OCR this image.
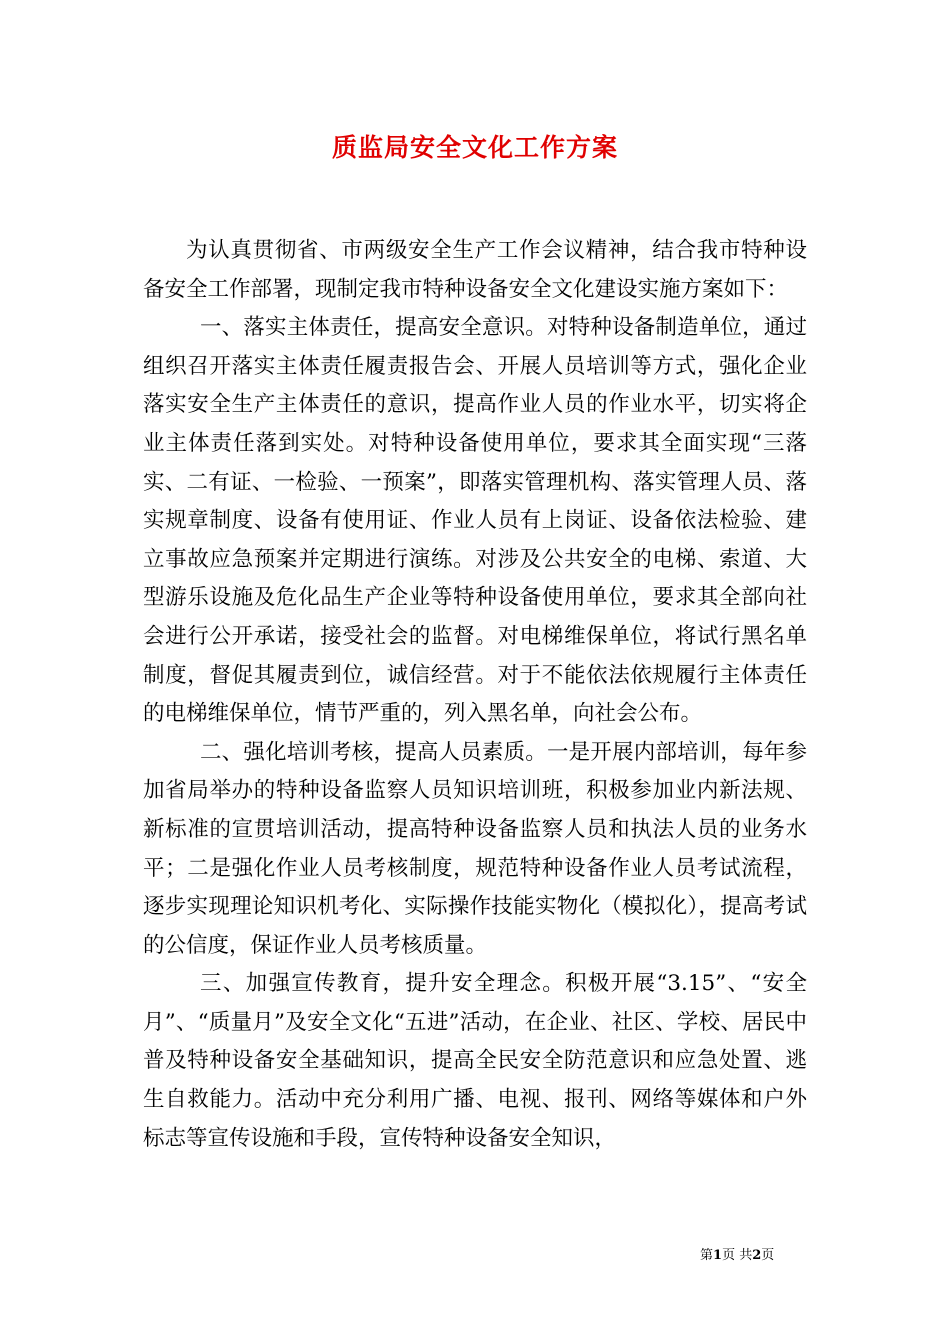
质监局安全文化工作方案

为认真贯彻省、市两级安全生产工作会议精神，结合我市特种设备安全工作部署，现制定我市特种设备安全文化建设实施方案如下：

一、落实主体责任，提高安全意识。对特种设备制造单位，通过组织召开落实主体责任履责报告会、开展人员培训等方式，强化企业落实安全生产主体责任的意识，提高作业人员的作业水平，切实将企业主体责任落到实处。对特种设备使用单位，要求其全面实现“三落实、二有证、一检验、一预案”，即落实管理机构、落实管理人员、落实规章制度、设备有使用证、作业人员有上岗证、设备依法检验、建立事故应急预案并定期进行演练。对涉及公共安全的电梯、索道、大型游乐设施及危化品生产企业等特种设备使用单位，要求其全部向社会进行公开承诺，接受社会的监督。对电梯维保单位，将试行黑名单制度，督促其履责到位，诚信经营。对于不能依法依规履行主体责任的电梯维保单位，情节严重的，列入黑名单，向社会公布。

二、强化培训考核，提高人员素质。一是开展内部培训，每年参加省局举办的特种设备监察人员知识培训班，积极参加业内新法规、新标准的宣贯培训活动，提高特种设备监察人员和执法人员的业务水平；二是强化作业人员考核制度，规范特种设备作业人员考试流程，逐步实现理论知识机考化、实际操作技能实物化（模拟化），提高考试的公信度，保证作业人员考核质量。

三、加强宣传教育，提升安全理念。积极开展“3.15”、“安全月”、“质量月”及安全文化“五进”活动，在企业、社区、学校、居民中普及特种设备安全基础知识，提高全民安全防范意识和应急处置、逃生自救能力。活动中充分利用广播、电视、报刊、网络等媒体和户外标志等宣传设施和手段，宣传特种设备安全知识，

第1页 共2页
